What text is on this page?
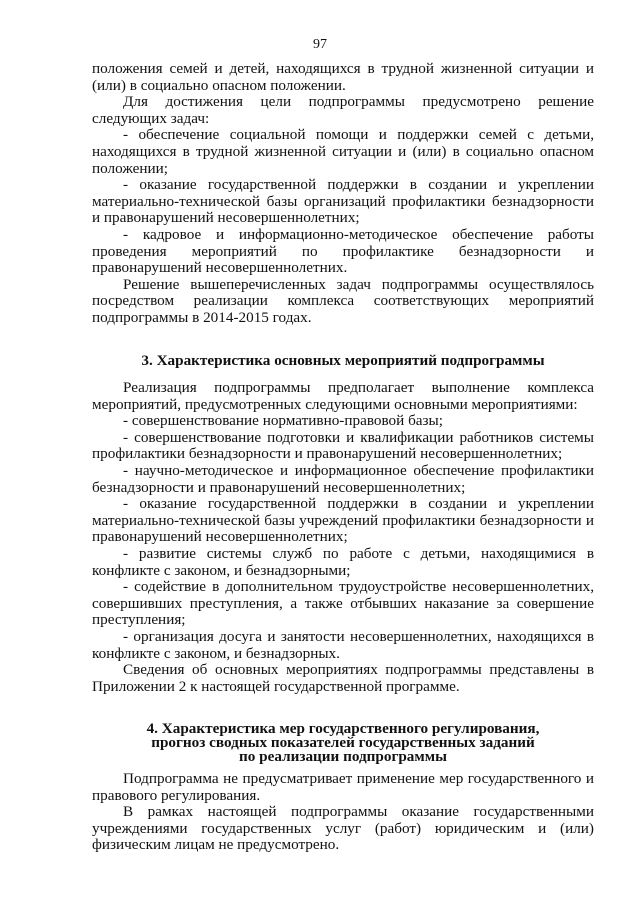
97

положения семей и детей, находящихся в трудной жизненной ситуации и (или) в социально опасном положении.

Для достижения цели подпрограммы предусмотрено решение следующих задач:

- обеспечение социальной помощи и поддержки семей с детьми, находящихся в трудной жизненной ситуации и (или) в социально опасном положении;

- оказание государственной поддержки в создании и укреплении материально-технической базы организаций профилактики безнадзорности и правонарушений несовершеннолетних;

- кадровое и информационно-методическое обеспечение работы проведения мероприятий по профилактике безнадзорности и правонарушений несовершеннолетних.

Решение вышеперечисленных задач подпрограммы осуществлялось посредством реализации комплекса соответствующих мероприятий подпрограммы в 2014-2015 годах.

3. Характеристика основных мероприятий подпрограммы

Реализация подпрограммы предполагает выполнение комплекса мероприятий, предусмотренных следующими основными мероприятиями:

- совершенствование нормативно-правовой базы;

- совершенствование подготовки и квалификации работников системы профилактики безнадзорности и правонарушений несовершеннолетних;

- научно-методическое и информационное обеспечение профилактики безнадзорности и правонарушений несовершеннолетних;

- оказание государственной поддержки в создании и укреплении материально-технической базы учреждений профилактики безнадзорности и правонарушений несовершеннолетних;

- развитие системы служб по работе с детьми, находящимися в конфликте с законом, и безнадзорными;

- содействие в дополнительном трудоустройстве несовершеннолетних, совершивших преступления, а также отбывших наказание за совершение преступления;

- организация досуга и занятости несовершеннолетних, находящихся в конфликте с законом, и безнадзорных.

Сведения об основных мероприятиях подпрограммы представлены в Приложении 2 к настоящей государственной программе.

4. Характеристика мер государственного регулирования,
прогноз сводных показателей государственных заданий
по реализации подпрограммы

Подпрограмма не предусматривает применение мер государственного и правового регулирования.

В рамках настоящей подпрограммы оказание государственными учреждениями государственных услуг (работ) юридическим и (или) физическим лицам не предусмотрено.
